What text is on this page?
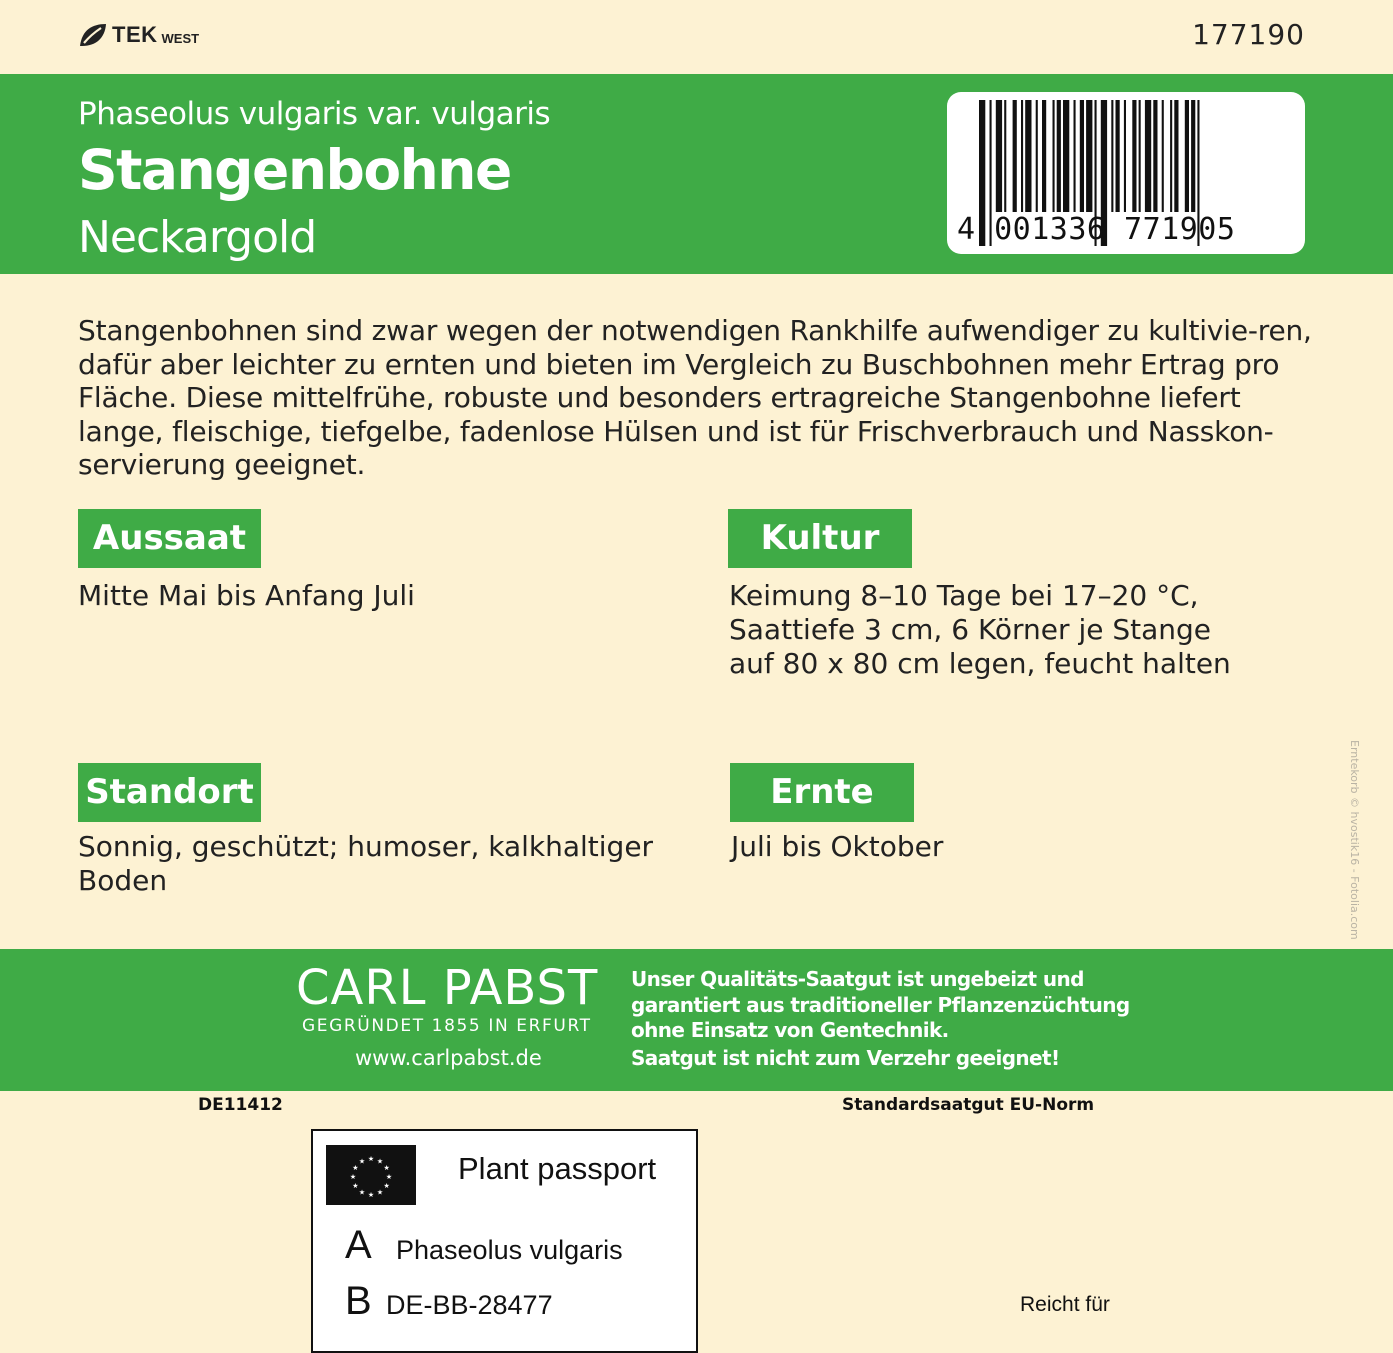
TEK WEST	177190
Phaseolus vulgaris var. vulgaris
Stangenbohne
Neckargold	4 001336 771905

Stangenbohnen sind zwar wegen der notwendigen Rankhilfe aufwendiger zu kultivie-ren, dafür aber leichter zu ernten und bieten im Vergleich zu Buschbohnen mehr Ertrag pro Fläche. Diese mittelfrühe, robuste und besonders ertragreiche Stangenbohne liefert lange, fleischige, tiefgelbe, fadenlose Hülsen und ist für Frischverbrauch und Nasskon-servierung geeignet.

Aussaat

Mitte Mai bis Anfang Juli

Kultur
Keimung 8–10 Tage bei 17–20 °C,
Saattiefe 3 cm, 6 Körner je Stange
auf 80 x 80 cm legen, feucht halten
Standort
Sonnig, geschützt; humoser, kalkhaltiger
Boden
Ernte

Juli bis Oktober	Erntekorb © hvostik16 - Fotolia.com
CARL PABST
GEGRÜNDET 1855 IN ERFURT
www.carlpabst.de
Unser Qualitäts-Saatgut ist ungebeizt und
garantiert aus traditioneller Pflanzenzüchtung
ohne Einsatz von Gentechnik.
Saatgut ist nicht zum Verzehr geeignet!
DE11412	Standardsaatgut EU-Norm
★
★
★
★
★
★
★
★
★ ★ ★
★ Plant passport
A Phaseolus vulgaris
B DE-BB-28477	Reicht für
